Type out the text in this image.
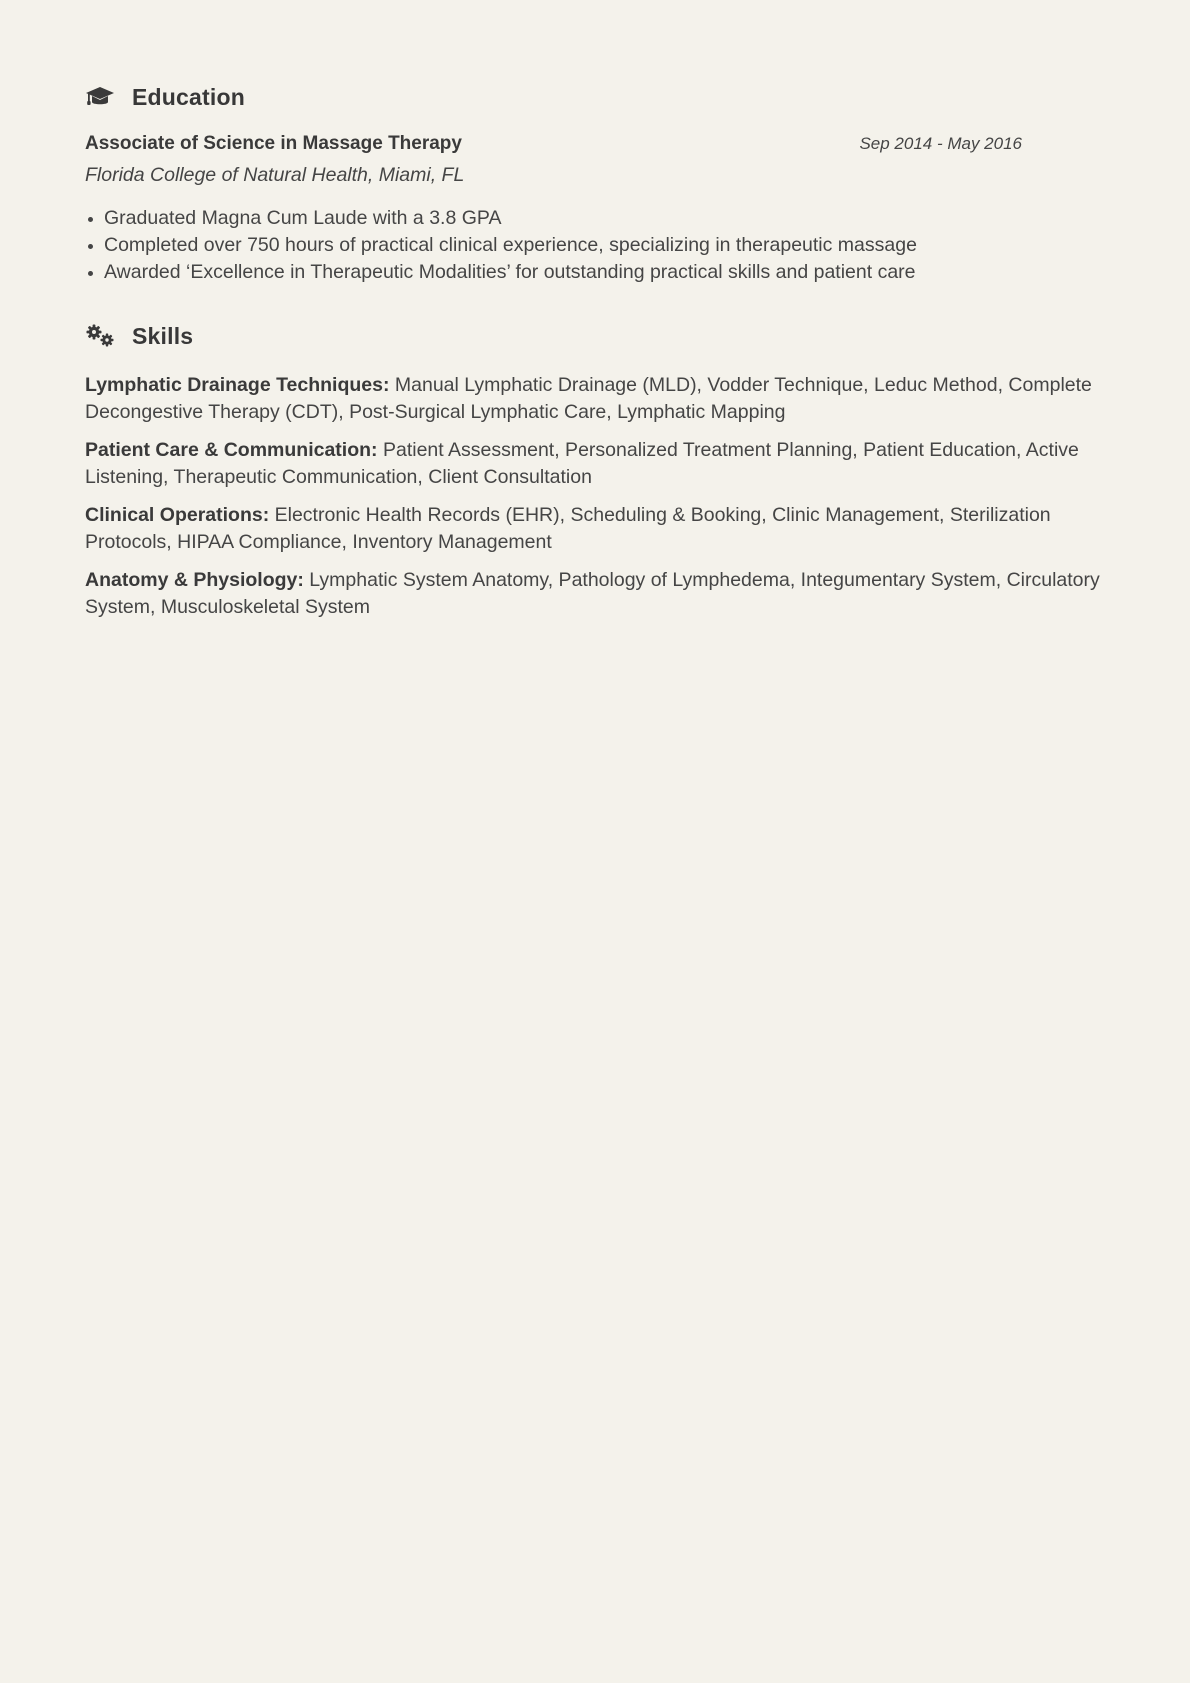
Education
Associate of Science in Massage Therapy	Sep 2014 - May 2016
Florida College of Natural Health, Miami, FL
Graduated Magna Cum Laude with a 3.8 GPA
Completed over 750 hours of practical clinical experience, specializing in therapeutic massage
Awarded ‘Excellence in Therapeutic Modalities’ for outstanding practical skills and patient care
Skills
Lymphatic Drainage Techniques: Manual Lymphatic Drainage (MLD), Vodder Technique, Leduc Method, Complete Decongestive Therapy (CDT), Post-Surgical Lymphatic Care, Lymphatic Mapping
Patient Care & Communication: Patient Assessment, Personalized Treatment Planning, Patient Education, Active Listening, Therapeutic Communication, Client Consultation
Clinical Operations: Electronic Health Records (EHR), Scheduling & Booking, Clinic Management, Sterilization Protocols, HIPAA Compliance, Inventory Management
Anatomy & Physiology: Lymphatic System Anatomy, Pathology of Lymphedema, Integumentary System, Circulatory System, Musculoskeletal System
